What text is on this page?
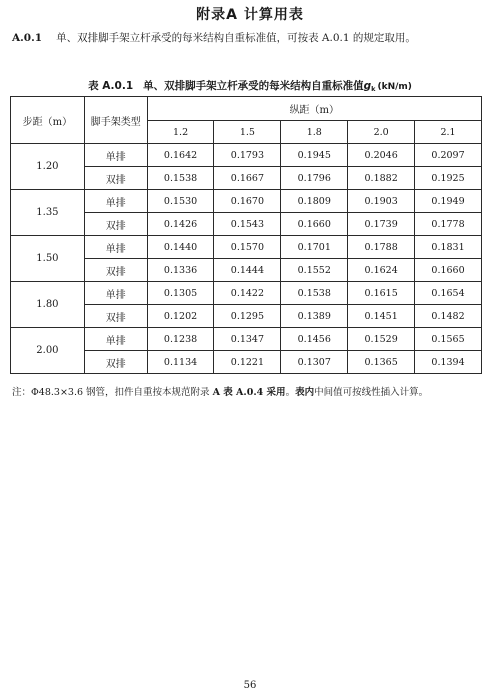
附录A 计算用表
A.0.1 单、双排脚手架立杆承受的每米结构自重标准值，可按表 A.0.1 的规定取用。
表 A.0.1 单、双排脚手架立杆承受的每米结构自重标准值$g_k$ (kN/m)
步距（m）	脚手架类型	纵距（m）				
		1.2	1.5	1.8	2.0	2.1
1.20	单排	0.1642	0.1793	0.1945	0.2046	0.2097
	双排	0.1538	0.1667	0.1796	0.1882	0.1925
1.35	单排	0.1530	0.1670	0.1809	0.1903	0.1949
	双排	0.1426	0.1543	0.1660	0.1739	0.1778
1.50	单排	0.1440	0.1570	0.1701	0.1788	0.1831
	双排	0.1336	0.1444	0.1552	0.1624	0.1660
1.80	单排	0.1305	0.1422	0.1538	0.1615	0.1654
	双排	0.1202	0.1295	0.1389	0.1451	0.1482
2.00	单排	0.1238	0.1347	0.1456	0.1529	0.1565
	双排	0.1134	0.1221	0.1307	0.1365	0.1394
注：Φ48.3×3.6 钢管，扣件自重按本规范附录 A 表 A.0.4 采用。表内中间值可按线性插入计算。
56
